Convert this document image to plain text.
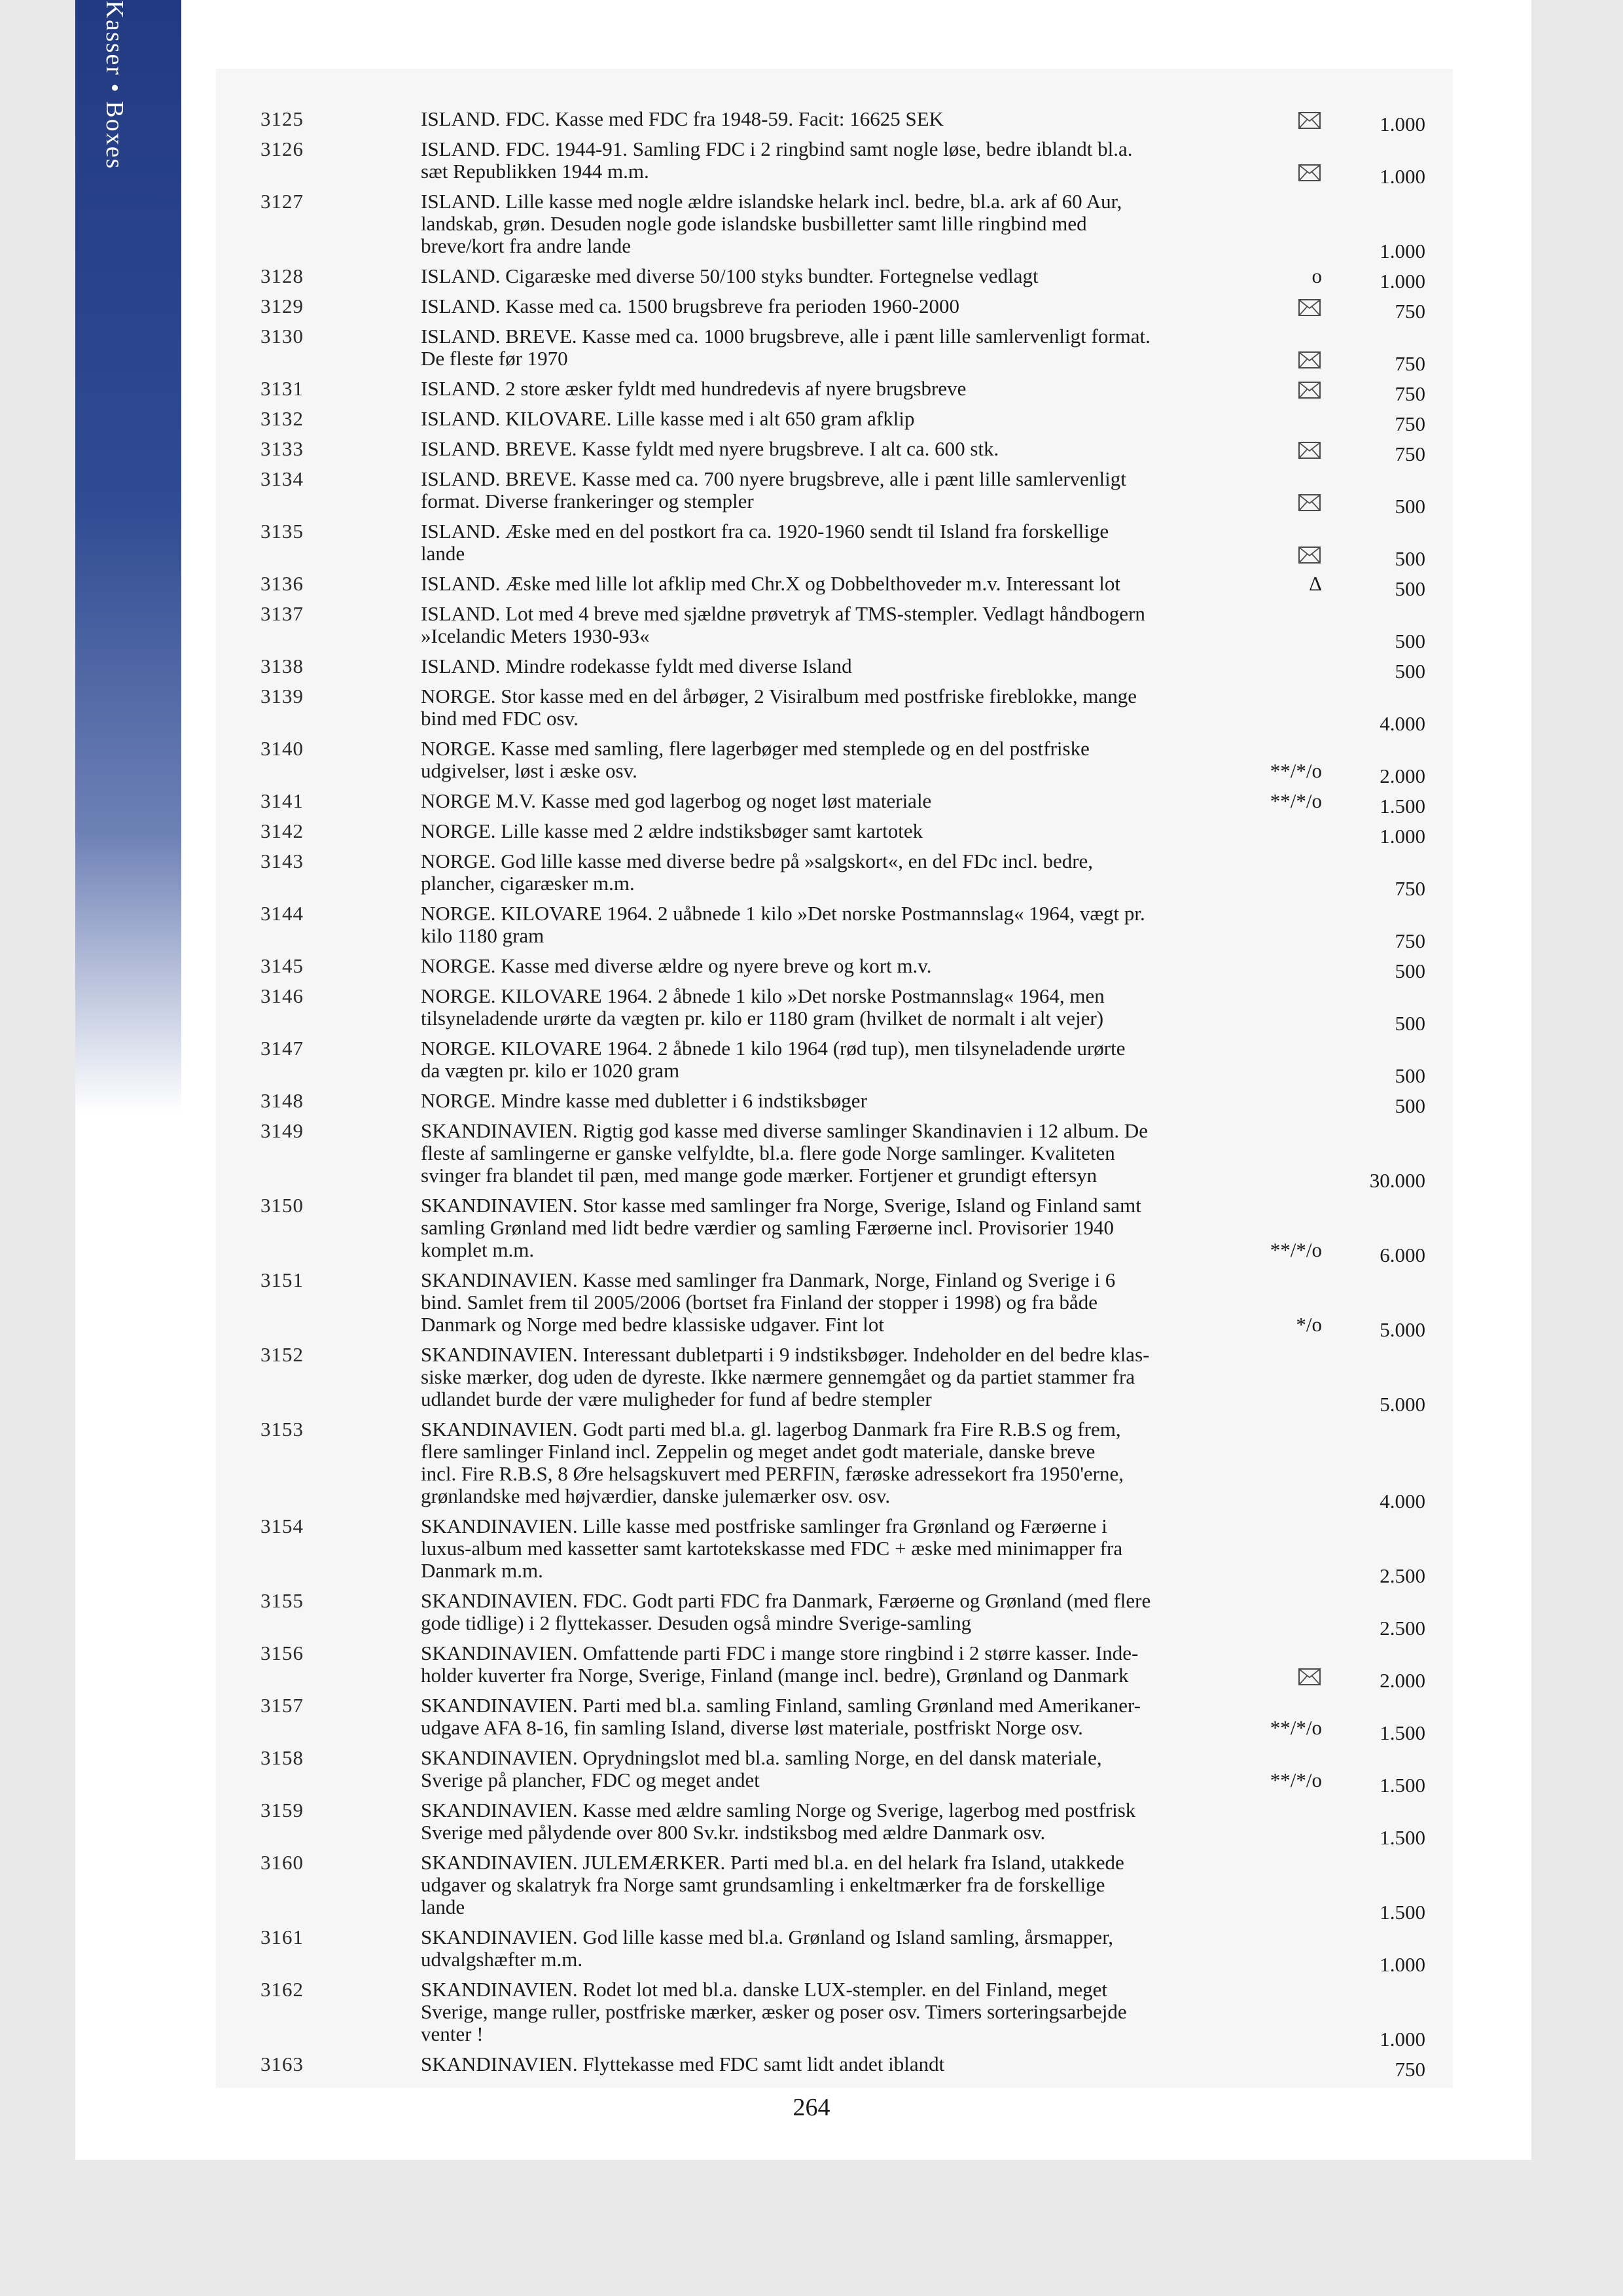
Kasser • Boxes	3125	ISLAND. FDC. Kasse med FDC fra 1948-59. Facit: 16625 SEK	1.000
3126	ISLAND. FDC. 1944-91. Samling FDC i 2 ringbind samt nogle løse, bedre iblandt bl.a.
sæt Republikken 1944 m.m.	1.000
3127	ISLAND. Lille kasse med nogle ældre islandske helark incl. bedre, bl.a. ark af 60 Aur,
landskab, grøn. Desuden nogle gode islandske busbilletter samt lille ringbind med
breve/kort fra andre lande	1.000
3128	ISLAND. Cigaræske med diverse 50/100 styks bundter. Fortegnelse vedlagt	o	1.000
3129	ISLAND. Kasse med ca. 1500 brugsbreve fra perioden 1960-2000	750
3130	ISLAND. BREVE. Kasse med ca. 1000 brugsbreve, alle i pænt lille samlervenligt format.
De fleste før 1970	750
3131	ISLAND. 2 store æsker fyldt med hundredevis af nyere brugsbreve	750
3132	ISLAND. KILOVARE. Lille kasse med i alt 650 gram afklip	750
3133	ISLAND. BREVE. Kasse fyldt med nyere brugsbreve. I alt ca. 600 stk.	750
3134	ISLAND. BREVE. Kasse med ca. 700 nyere brugsbreve, alle i pænt lille samlervenligt
format. Diverse frankeringer og stempler	500
3135	ISLAND. Æske med en del postkort fra ca. 1920-1960 sendt til Island fra forskellige
lande	500
3136	ISLAND. Æske med lille lot afklip med Chr.X og Dobbelthoveder m.v. Interessant lot	Δ	500
3137	ISLAND. Lot med 4 breve med sjældne prøvetryk af TMS-stempler. Vedlagt håndbogern
»Icelandic Meters 1930-93«	500
3138	ISLAND. Mindre rodekasse fyldt med diverse Island	500
3139	NORGE. Stor kasse med en del årbøger, 2 Visiralbum med postfriske fireblokke, mange
bind med FDC osv.	4.000
3140	NORGE. Kasse med samling, flere lagerbøger med stemplede og en del postfriske
udgivelser, løst i æske osv.	**/*/o	2.000
3141	NORGE M.V. Kasse med god lagerbog og noget løst materiale	**/*/o	1.500
3142	NORGE. Lille kasse med 2 ældre indstiksbøger samt kartotek	1.000
3143	NORGE. God lille kasse med diverse bedre på »salgskort«, en del FDc incl. bedre,
plancher, cigaræsker m.m.	750
3144	NORGE. KILOVARE 1964. 2 uåbnede 1 kilo »Det norske Postmannslag« 1964, vægt pr.
kilo 1180 gram	750
3145	NORGE. Kasse med diverse ældre og nyere breve og kort m.v.	500
3146	NORGE. KILOVARE 1964. 2 åbnede 1 kilo »Det norske Postmannslag« 1964, men
tilsyneladende urørte da vægten pr. kilo er 1180 gram (hvilket de normalt i alt vejer)	500
3147	NORGE. KILOVARE 1964. 2 åbnede 1 kilo 1964 (rød tup), men tilsyneladende urørte
da vægten pr. kilo er 1020 gram	500
3148	NORGE. Mindre kasse med dubletter i 6 indstiksbøger	500
3149	SKANDINAVIEN. Rigtig god kasse med diverse samlinger Skandinavien i 12 album. De
fleste af samlingerne er ganske velfyldte, bl.a. flere gode Norge samlinger. Kvaliteten
svinger fra blandet til pæn, med mange gode mærker. Fortjener et grundigt eftersyn	30.000
3150	SKANDINAVIEN. Stor kasse med samlinger fra Norge, Sverige, Island og Finland samt
samling Grønland med lidt bedre værdier og samling Færøerne incl. Provisorier 1940
komplet m.m.	**/*/o	6.000
3151	SKANDINAVIEN. Kasse med samlinger fra Danmark, Norge, Finland og Sverige i 6
bind. Samlet frem til 2005/2006 (bortset fra Finland der stopper i 1998) og fra både
Danmark og Norge med bedre klassiske udgaver. Fint lot	*/o	5.000
3152	SKANDINAVIEN. Interessant dubletparti i 9 indstiksbøger. Indeholder en del bedre klas-
siske mærker, dog uden de dyreste. Ikke nærmere gennemgået og da partiet stammer fra
udlandet burde der være muligheder for fund af bedre stempler	5.000
3153	SKANDINAVIEN. Godt parti med bl.a. gl. lagerbog Danmark fra Fire R.B.S og frem,
flere samlinger Finland incl. Zeppelin og meget andet godt materiale, danske breve
incl. Fire R.B.S, 8 Øre helsagskuvert med PERFIN, færøske adressekort fra 1950'erne,
grønlandske med højværdier, danske julemærker osv. osv.	4.000
3154	SKANDINAVIEN. Lille kasse med postfriske samlinger fra Grønland og Færøerne i
luxus-album med kassetter samt kartotekskasse med FDC + æske med minimapper fra
Danmark m.m.	2.500
3155	SKANDINAVIEN. FDC. Godt parti FDC fra Danmark, Færøerne og Grønland (med flere
gode tidlige) i 2 flyttekasser. Desuden også mindre Sverige-samling	2.500
3156	SKANDINAVIEN. Omfattende parti FDC i mange store ringbind i 2 større kasser. Inde-
holder kuverter fra Norge, Sverige, Finland (mange incl. bedre), Grønland og Danmark	2.000
3157	SKANDINAVIEN. Parti med bl.a. samling Finland, samling Grønland med Amerikaner-
udgave AFA 8-16, fin samling Island, diverse løst materiale, postfriskt Norge osv.	**/*/o	1.500
3158	SKANDINAVIEN. Oprydningslot med bl.a. samling Norge, en del dansk materiale,
Sverige på plancher, FDC og meget andet	**/*/o	1.500
3159	SKANDINAVIEN. Kasse med ældre samling Norge og Sverige, lagerbog med postfrisk
Sverige med pålydende over 800 Sv.kr. indstiksbog med ældre Danmark osv.	1.500
3160	SKANDINAVIEN. JULEMÆRKER. Parti med bl.a. en del helark fra Island, utakkede
udgaver og skalatryk fra Norge samt grundsamling i enkeltmærker fra de forskellige
lande	1.500
3161	SKANDINAVIEN. God lille kasse med bl.a. Grønland og Island samling, årsmapper,
udvalgshæfter m.m.	1.000
3162	SKANDINAVIEN. Rodet lot med bl.a. danske LUX-stempler. en del Finland, meget
Sverige, mange ruller, postfriske mærker, æsker og poser osv. Timers sorteringsarbejde
venter !	1.000
3163	SKANDINAVIEN. Flyttekasse med FDC samt lidt andet iblandt	750
264
